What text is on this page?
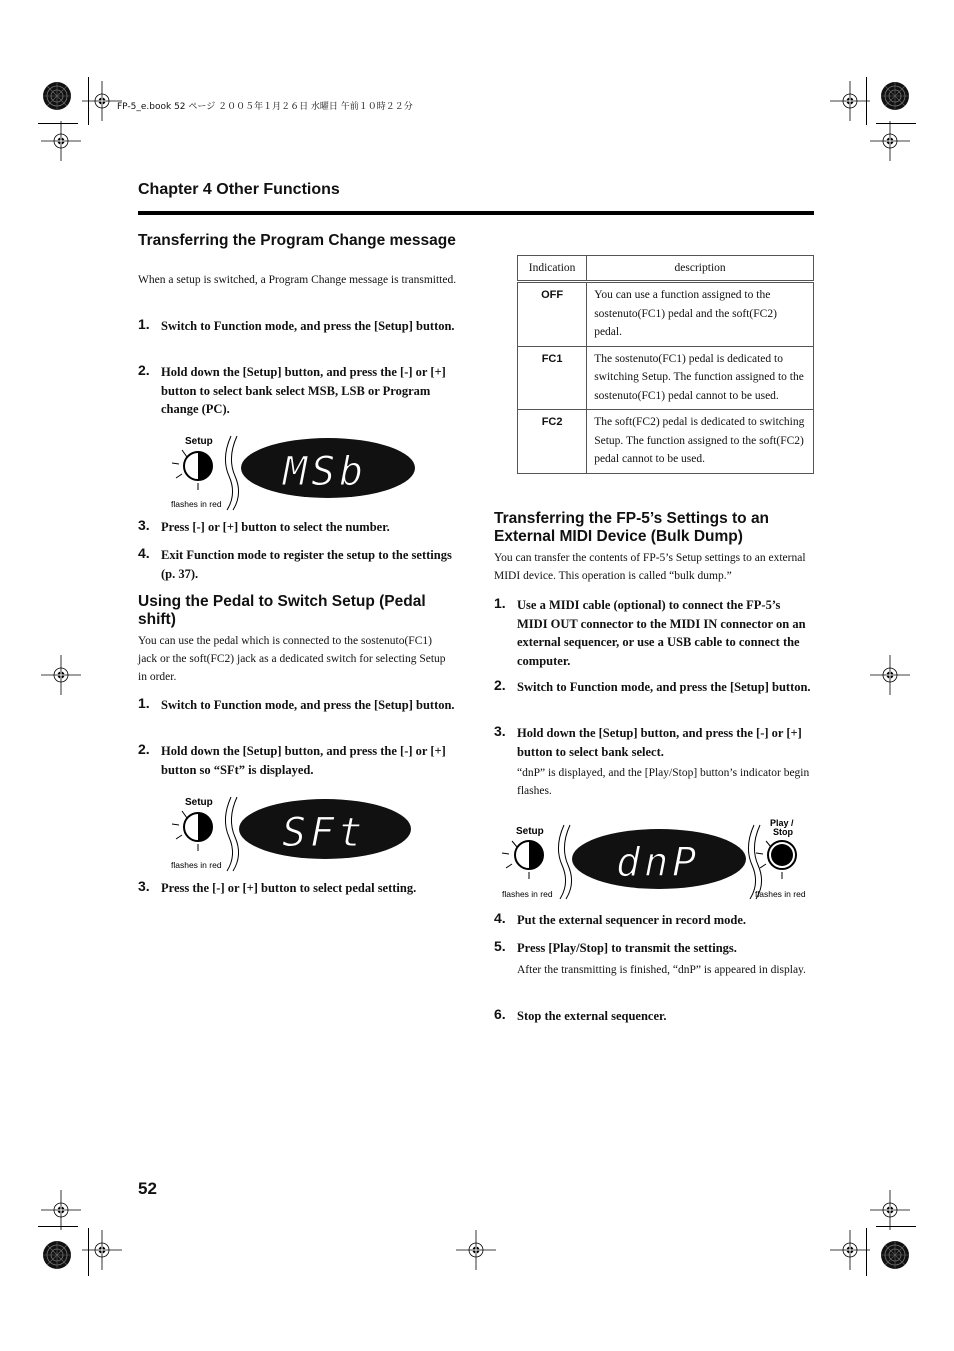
FP-5_e.book 52 ページ ２００５年１月２６日 水曜日 午前１０時２２分
Chapter 4 Other Functions
Transferring the Program Change message
When a setup is switched, a Program Change message is transmitted.
1. Switch to Function mode, and press the [Setup] button.
2. Hold down the [Setup] button, and press the [-] or [+] button to select bank select MSB, LSB or Program change (PC).
Setup
flashes in red
MSb
3. Press [-] or [+] button to select the number.
4. Exit Function mode to register the setup to the settings (p. 37).
Using the Pedal to Switch Setup (Pedal shift)
You can use the pedal which is connected to the sostenuto(FC1) jack or the soft(FC2) jack as a dedicated switch for selecting Setup in order.
1. Switch to Function mode, and press the [Setup] button.
2. Hold down the [Setup] button, and press the [-] or [+] button so “SFt” is displayed.
Setup
flashes in red
SFt
3. Press the [-] or [+] button to select pedal setting.
Indication	description
OFF	You can use a function assigned to the sostenuto(FC1) pedal and the soft(FC2) pedal.
FC1	The sostenuto(FC1) pedal is dedicated to switching Setup. The function assigned to the sostenuto(FC1) pedal cannot to be used.
FC2	The soft(FC2) pedal is dedicated to switching Setup. The function assigned to the soft(FC2) pedal cannot to be used.
Transferring the FP-5’s Settings to an External MIDI Device (Bulk Dump)
You can transfer the contents of FP-5’s Setup settings to an external MIDI device. This operation is called “bulk dump.”
1. Use a MIDI cable (optional) to connect the FP-5’s MIDI OUT connector to the MIDI IN connector on an external sequencer, or use a USB cable to connect the computer.
2. Switch to Function mode, and press the [Setup] button.
3. Hold down the [Setup] button, and press the [-] or [+] button to select bank select.
“dnP” is displayed, and the [Play/Stop] button’s indicator begin flashes.
Setup
flashes in red
dnP
Play /
Stop
flashes in red
4. Put the external sequencer in record mode.
5. Press [Play/Stop] to transmit the settings.
After the transmitting is finished, “dnP” is appeared in display.
6. Stop the external sequencer.
52
